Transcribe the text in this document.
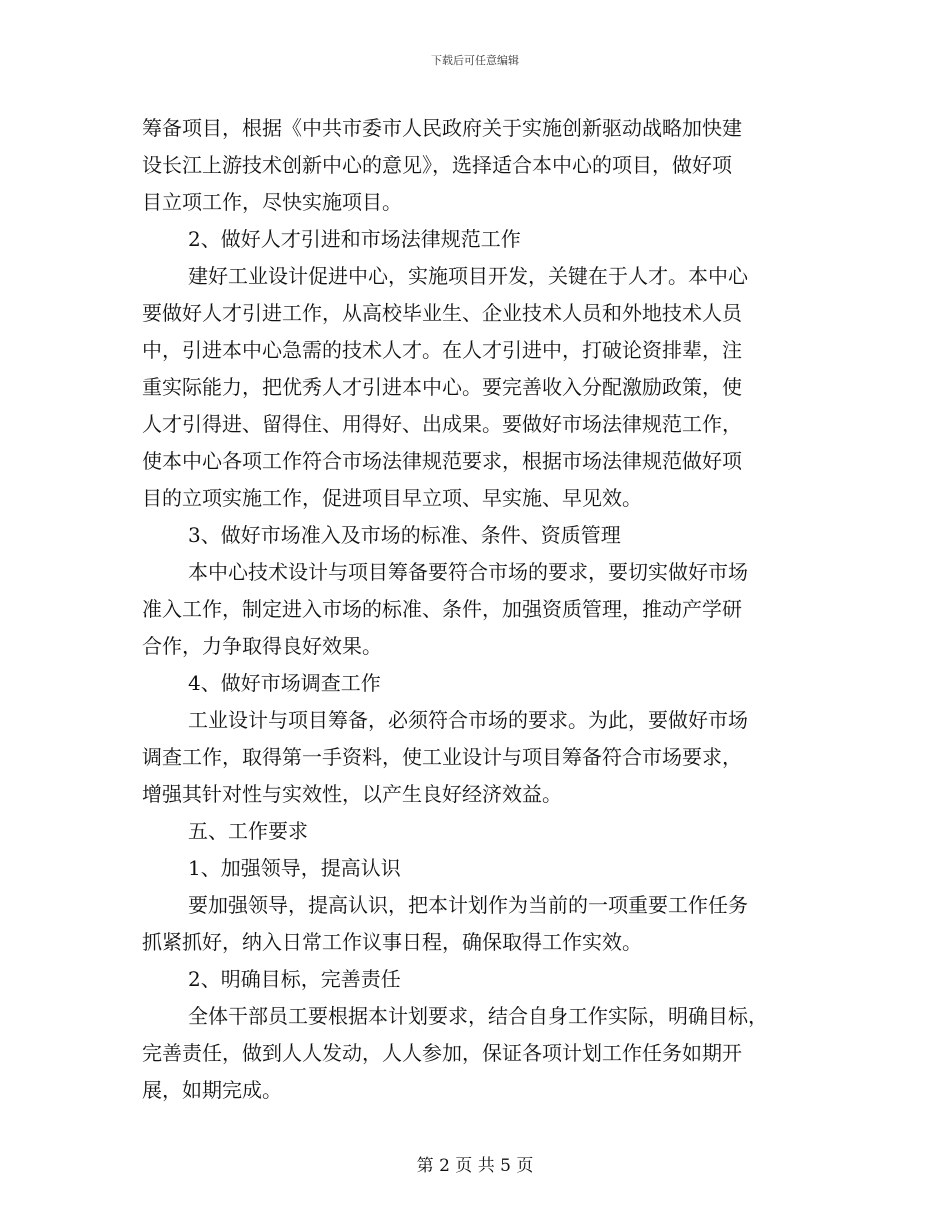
下载后可任意编辑
筹备项目，根据《中共市委市人民政府关于实施创新驱动战略加快建
设长江上游技术创新中心的意见》，选择适合本中心的项目，做好项
目立项工作，尽快实施项目。
2、做好人才引进和市场法律规范工作
建好工业设计促进中心，实施项目开发，关键在于人才。本中心
要做好人才引进工作，从高校毕业生、企业技术人员和外地技术人员
中，引进本中心急需的技术人才。在人才引进中，打破论资排辈，注
重实际能力，把优秀人才引进本中心。要完善收入分配激励政策，使
人才引得进、留得住、用得好、出成果。要做好市场法律规范工作，
使本中心各项工作符合市场法律规范要求，根据市场法律规范做好项
目的立项实施工作，促进项目早立项、早实施、早见效。
3、做好市场准入及市场的标准、条件、资质管理
本中心技术设计与项目筹备要符合市场的要求，要切实做好市场
准入工作，制定进入市场的标准、条件，加强资质管理，推动产学研
合作，力争取得良好效果。
4、做好市场调查工作
工业设计与项目筹备，必须符合市场的要求。为此，要做好市场
调查工作，取得第一手资料，使工业设计与项目筹备符合市场要求，
增强其针对性与实效性，以产生良好经济效益。
五、工作要求
1、加强领导，提高认识
要加强领导，提高认识，把本计划作为当前的一项重要工作任务
抓紧抓好，纳入日常工作议事日程，确保取得工作实效。
2、明确目标，完善责任
全体干部员工要根据本计划要求，结合自身工作实际，明确目标，
完善责任，做到人人发动，人人参加，保证各项计划工作任务如期开
展，如期完成。
第 2 页 共 5 页
